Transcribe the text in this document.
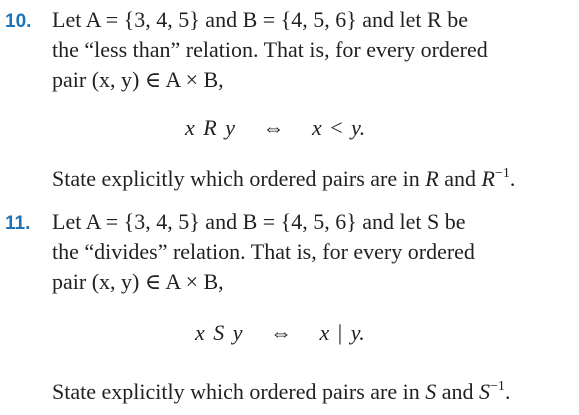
10. Let A = {3, 4, 5} and B = {4, 5, 6} and let R be
the “less than” relation. That is, for every ordered
pair (x, y) ∈ A × B,
x R y ⇔ x < y.
State explicitly which ordered pairs are in R and $R^{-1}$.
11. Let A = {3, 4, 5} and B = {4, 5, 6} and let S be
the “divides” relation. That is, for every ordered
pair (x, y) ∈ A × B,
x S y ⇔ x | y.
State explicitly which ordered pairs are in S and $S^{-1}$.
